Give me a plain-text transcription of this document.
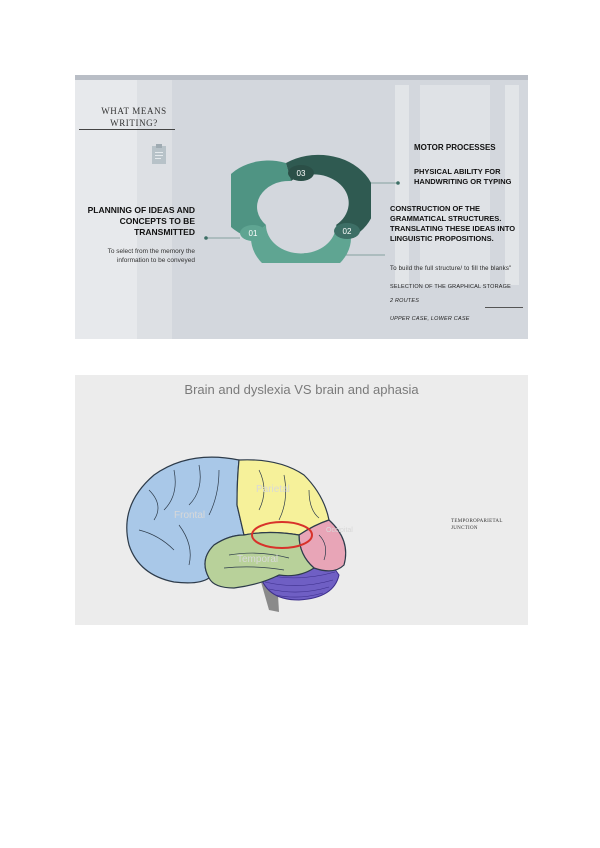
WHAT MEANS WRITING?
PLANNING OF IDEAS AND CONCEPTS TO BE TRANSMITTED
To select from the memory the information to be conveyed
03
01	02
MOTOR PROCESSES
PHYSICAL ABILITY FOR HANDWRITING OR TYPING
CONSTRUCTION OF THE GRAMMATICAL STRUCTURES. TRANSLATING THESE IDEAS INTO LINGUISTIC PROPOSITIONS.
To build the full structure/ to fill the blanks"
SELECTION OF THE GRAPHICAL STORAGE
2 ROUTES
UPPER CASE, LOWER CASE
Brain and dyslexia VS brain and aphasia
Frontal
Parietal
Occipital
Temporal
TEMPOROPARIETAL JUNCTION
